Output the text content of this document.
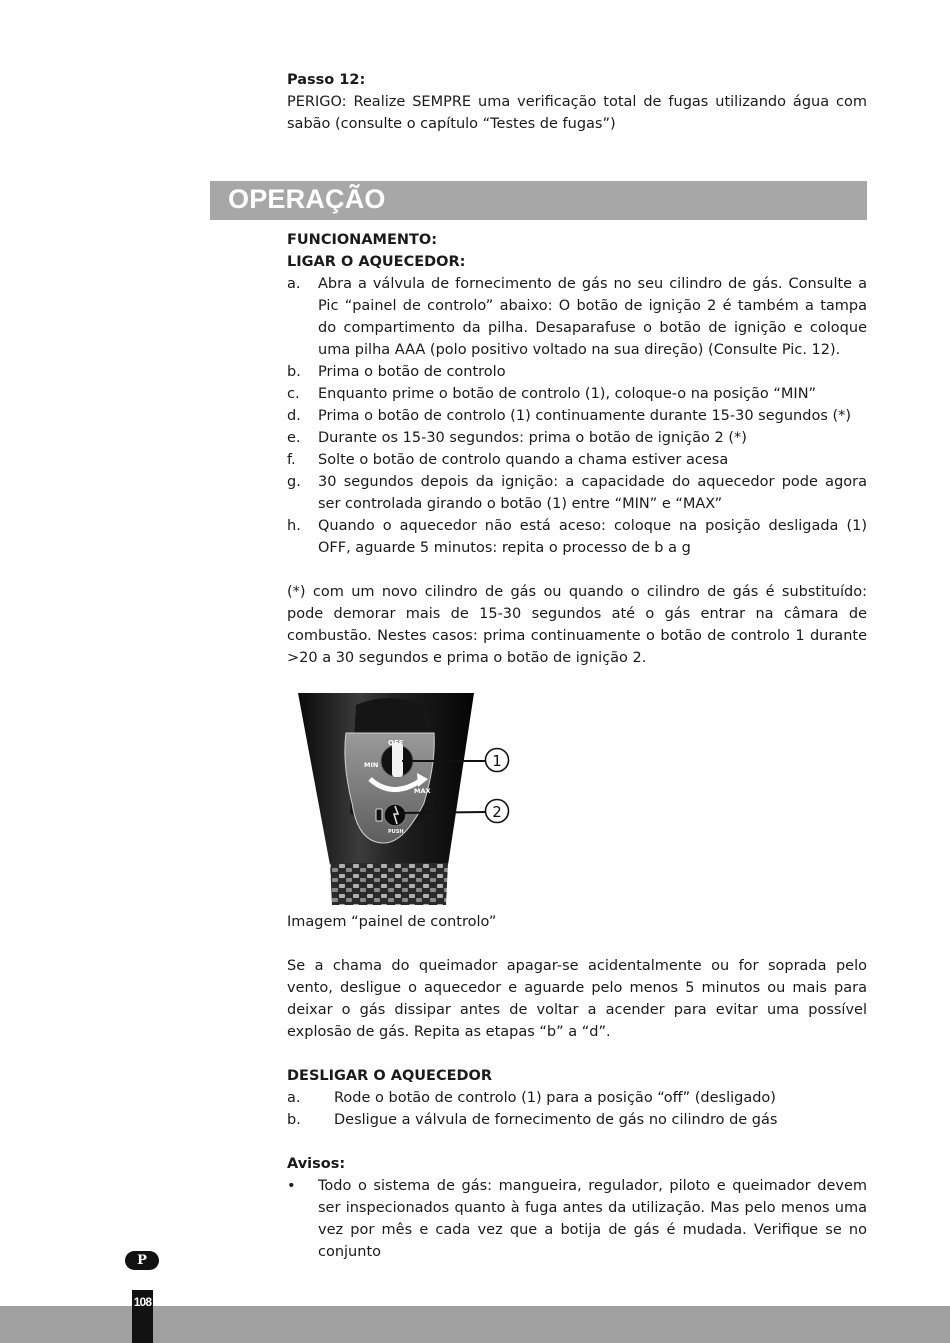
Passo 12:

PERIGO: Realize SEMPRE uma verificação total de fugas utilizando água com sabão (consulte o capítulo “Testes de fugas”)

OPERAÇÃO

FUNCIONAMENTO:

LIGAR O AQUECEDOR:

a. Abra a válvula de fornecimento de gás no seu cilindro de gás. Consulte a Pic “painel de controlo” abaixo: O botão de ignição 2 é também a tampa do compartimento da pilha. Desaparafuse o botão de ignição e coloque uma pilha AAA (polo positivo voltado na sua direção) (Consulte Pic. 12).
b. Prima o botão de controlo
c. Enquanto prime o botão de controlo (1), coloque-o na posição “MIN”
d. Prima o botão de controlo (1) continuamente durante 15-30 segundos (*)
e. Durante os 15-30 segundos: prima o botão de ignição 2 (*)
f. Solte o botão de controlo quando a chama estiver acesa
g. 30 segundos depois da ignição: a capacidade do aquecedor pode agora ser controlada girando o botão (1) entre “MIN” e “MAX”
h. Quando o aquecedor não está aceso: coloque na posição desligada (1) OFF, aguarde 5 minutos: repita o processo de b a g
(*) com um novo cilindro de gás ou quando o cilindro de gás é substituído: pode demorar mais de 15-30 segundos até o gás entrar na câmara de combustão. Nestes casos: prima continuamente o botão de controlo 1 durante >20 a 30 segundos e prima o botão de ignição 2.
OFF
MIN
MAX
PUSH
1
2
Imagem “painel de controlo”
Se a chama do queimador apagar-se acidentalmente ou for soprada pelo vento, desligue o aquecedor e aguarde pelo menos 5 minutos ou mais para deixar o gás dissipar antes de voltar a acender para evitar uma possível explosão de gás. Repita as etapas “b” a “d”.

DESLIGAR O AQUECEDOR

a. Rode o botão de controlo (1) para a posição “off” (desligado)
b. Desligue a válvula de fornecimento de gás no cilindro de gás

Avisos:

• Todo o sistema de gás: mangueira, regulador, piloto e queimador devem ser inspecionados quanto à fuga antes da utilização. Mas pelo menos uma vez por mês e cada vez que a botija de gás é mudada. Verifique se no conjunto
P
108
